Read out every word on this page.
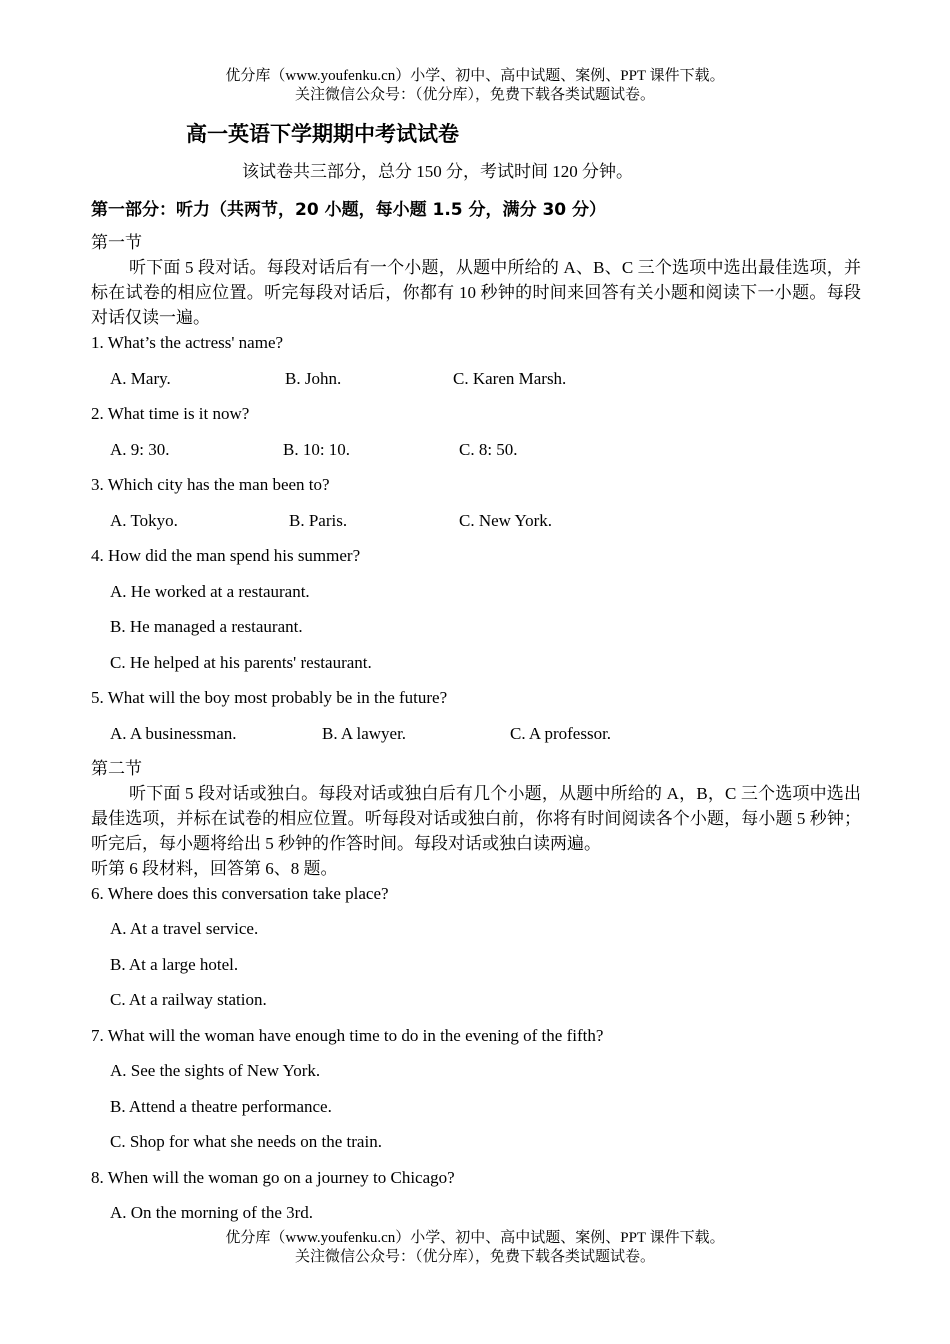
优分库（www.youfenku.cn）小学、初中、高中试题、案例、PPT 课件下载。
关注微信公众号：（优分库），免费下载各类试题试卷。
高一英语下学期期中考试试卷
该试卷共三部分，总分 150 分，考试时间 120 分钟。
第一部分：听力（共两节，20 小题，每小题 1.5 分，满分 30 分）
第一节
听下面 5 段对话。每段对话后有一个小题，从题中所给的 A、B、C 三个选项中选出最佳选项，并标在试卷的相应位置。听完每段对话后，你都有 10 秒钟的时间来回答有关小题和阅读下一小题。每段对话仅读一遍。
1. What’s the actress' name?
A. Mary.	B. John.	C. Karen Marsh.
2. What time is it now?
A. 9: 30.	B. 10: 10.	C. 8: 50.
3. Which city has the man been to?
A. Tokyo.	B. Paris.	C. New York.
4. How did the man spend his summer?
A. He worked at a restaurant.
B. He managed a restaurant.
C. He helped at his parents' restaurant.
5. What will the boy most probably be in the future?
A. A businessman.	B. A lawyer.	C. A professor.
第二节
听下面 5 段对话或独白。每段对话或独白后有几个小题，从题中所给的 A，B，C 三个选项中选出最佳选项，并标在试卷的相应位置。听每段对话或独白前，你将有时间阅读各个小题，每小题 5 秒钟；听完后，每小题将给出 5 秒钟的作答时间。每段对话或独白读两遍。
听第 6 段材料，回答第 6、8 题。
6. Where does this conversation take place?
A. At a travel service.
B. At a large hotel.
C. At a railway station.
7. What will the woman have enough time to do in the evening of the fifth?
A. See the sights of New York.
B. Attend a theatre performance.
C. Shop for what she needs on the train.
8. When will the woman go on a journey to Chicago?
A. On the morning of the 3rd.
优分库（www.youfenku.cn）小学、初中、高中试题、案例、PPT 课件下载。
关注微信公众号：（优分库），免费下载各类试题试卷。
